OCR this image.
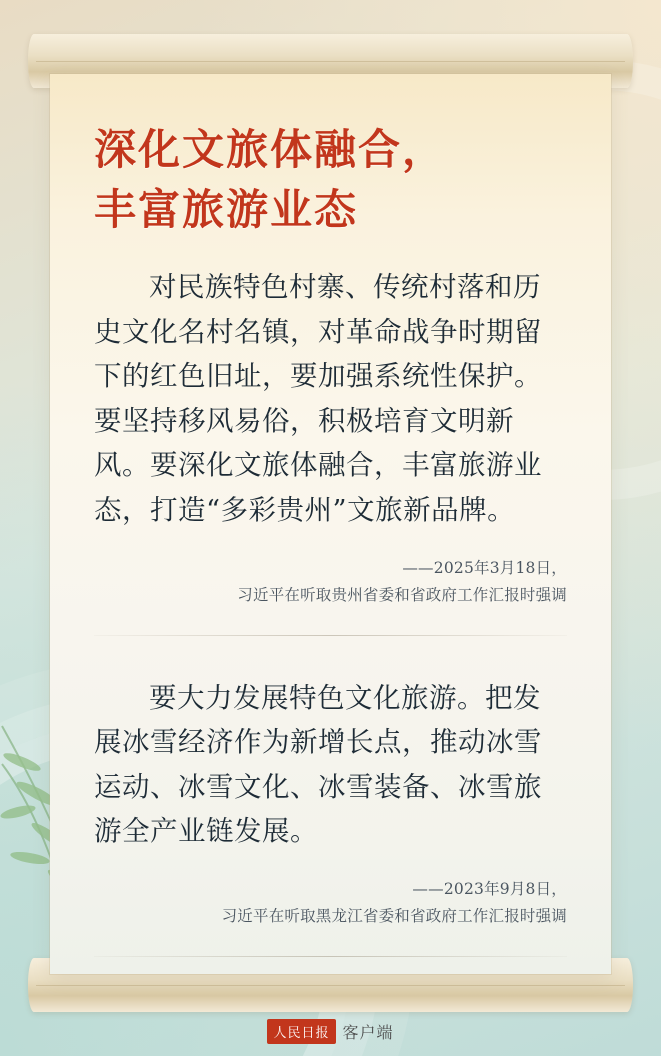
深化文旅体融合，
丰富旅游业态

对民族特色村寨、传统村落和历史文化名村名镇，对革命战争时期留下的红色旧址，要加强系统性保护。要坚持移风易俗，积极培育文明新风。要深化文旅体融合，丰富旅游业态，打造“多彩贵州”文旅新品牌。

——2025年3月18日，
习近平在听取贵州省委和省政府工作汇报时强调

要大力发展特色文化旅游。把发展冰雪经济作为新增长点，推动冰雪运动、冰雪文化、冰雪装备、冰雪旅游全产业链发展。

——2023年9月8日，
习近平在听取黑龙江省委和省政府工作汇报时强调
人民日报 客户端
